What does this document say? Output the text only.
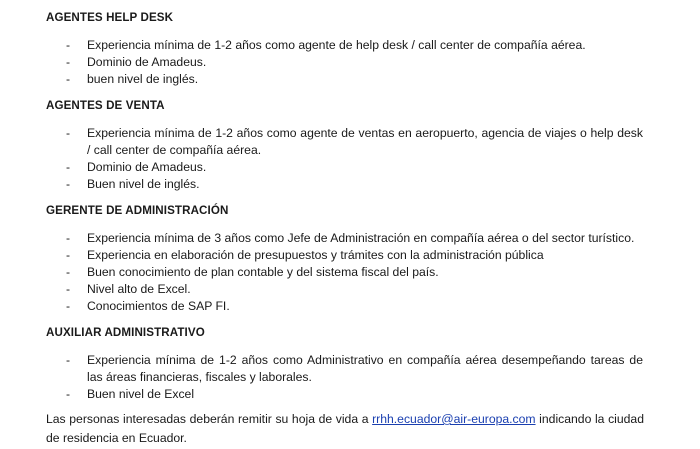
AGENTES HELP DESK
- Experiencia mínima de 1-2 años como agente de help desk / call center de compañía aérea.
- Dominio de Amadeus.
- buen nivel de inglés.
AGENTES DE VENTA
- Experiencia mínima de 1-2 años como agente de ventas en aeropuerto, agencia de viajes o help desk / call center de compañía aérea.
- Dominio de Amadeus.
- Buen nivel de inglés.
GERENTE DE ADMINISTRACIÓN
- Experiencia mínima de 3 años como Jefe de Administración en compañía aérea o del sector turístico.
- Experiencia en elaboración de presupuestos y trámites con la administración pública
- Buen conocimiento de plan contable y del sistema fiscal del país.
- Nivel alto de Excel.
- Conocimientos de SAP FI.
AUXILIAR ADMINISTRATIVO
- Experiencia mínima de 1-2 años como Administrativo en compañía aérea desempeñando tareas de las áreas financieras, fiscales y laborales.
- Buen nivel de Excel
Las personas interesadas deberán remitir su hoja de vida a rrhh.ecuador@air-europa.com indicando la ciudad de residencia en Ecuador.
